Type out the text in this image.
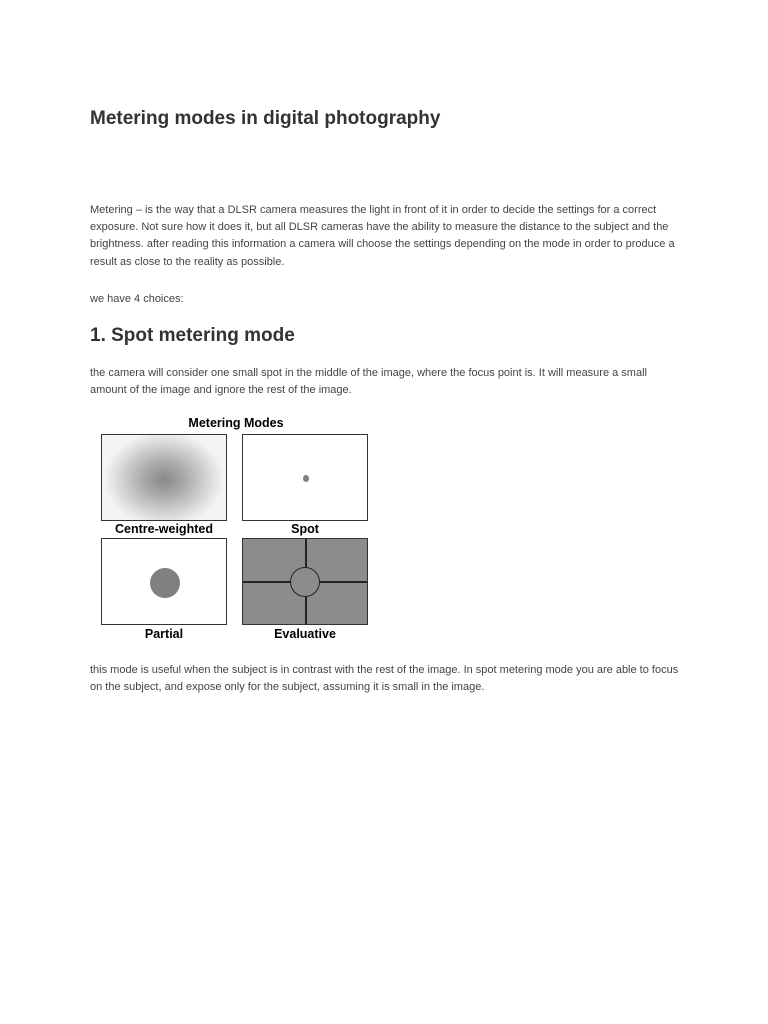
Metering modes in digital photography

Metering – is the way that a DLSR camera measures the light in front of it in order to decide the settings for a correct exposure. Not sure how it does it, but all DLSR cameras have the ability to measure the distance to the subject and the brightness. after reading this information a camera will choose the settings depending on the mode in order to produce a result as close to the reality as possible.

we have 4 choices:

1. Spot metering mode

the camera will consider one small spot in the middle of the image, where the focus point is. It will measure a small amount of the image and ignore the rest of the image.

Metering Modes
Centre-weighted	Spot
Partial	Evaluative

this mode is useful when the subject is in contrast with the rest of the image. In spot metering mode you are able to focus on the subject, and expose only for the subject, assuming it is small in the image.
